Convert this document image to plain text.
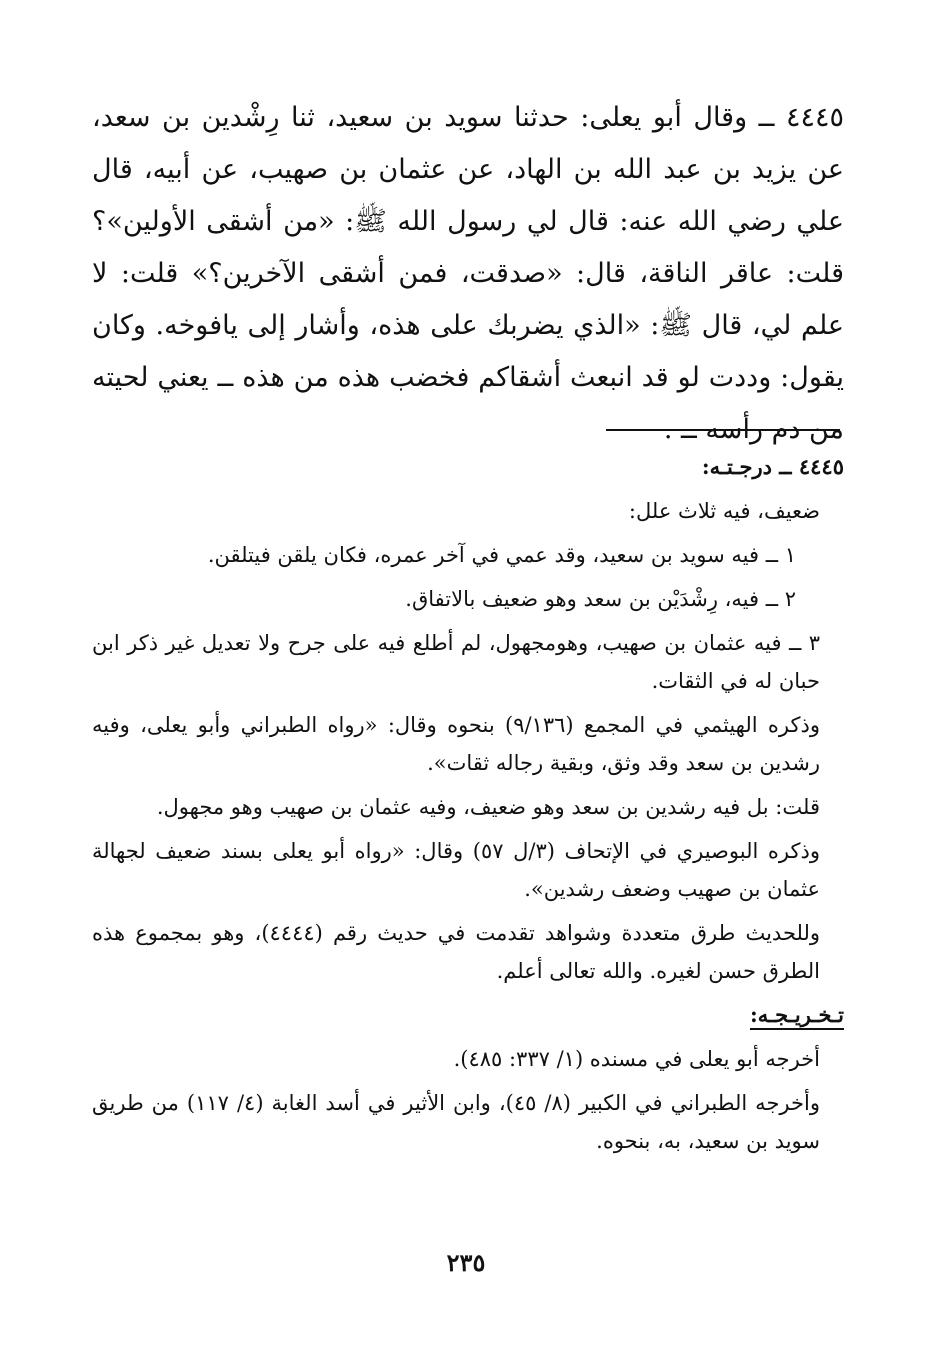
٤٤٤٥ ــ وقال أبو يعلى: حدثنا سويد بن سعيد، ثنا رِشْدين بن سعد، عن يزيد بن عبد الله بن الهاد، عن عثمان بن صهيب، عن أبيه، قال علي رضي الله عنه: قال لي رسول الله ﷺ: «من أشقى الأولين»؟ قلت: عاقر الناقة، قال: «صدقت، فمن أشقى الآخرين؟» قلت: لا علم لي، قال ﷺ: «الذي يضربك على هذه، وأشار إلى يافوخه. وكان يقول: وددت لو قد انبعث أشقاكم فخضب هذه من هذه ــ يعني لحيته من دم رأسه ــ .

٤٤٤٥ ــ درجـتـه:

ضعيف، فيه ثلاث علل:

١ ــ فيه سويد بن سعيد، وقد عمي في آخر عمره، فكان يلقن فيتلقن.

٢ ــ فيه، رِشْدَيْن بن سعد وهو ضعيف بالاتفاق.

٣ ــ فيه عثمان بن صهيب، وهومجهول، لم أطلع فيه على جرح ولا تعديل غير ذكر ابن حبان له في الثقات.

وذكره الهيثمي في المجمع (٩/١٣٦) بنحوه وقال: «رواه الطبراني وأبو يعلى، وفيه رشدين بن سعد وقد وثق، وبقية رجاله ثقات».

قلت: بل فيه رشدين بن سعد وهو ضعيف، وفيه عثمان بن صهيب وهو مجهول.

وذكره البوصيري في الإتحاف (٣/ل ٥٧) وقال: «رواه أبو يعلى بسند ضعيف لجهالة عثمان بن صهيب وضعف رشدين».

وللحديث طرق متعددة وشواهد تقدمت في حديث رقم (٤٤٤٤)، وهو بمجموع هذه الطرق حسن لغيره. والله تعالى أعلم.

تـخـريـجـه:

أخرجه أبو يعلى في مسنده (١/ ٣٣٧: ٤٨٥).

وأخرجه الطبراني في الكبير (٨/ ٤٥)، وابن الأثير في أسد الغابة (٤/ ١١٧) من طريق سويد بن سعيد، به، بنحوه.

٢٣٥
